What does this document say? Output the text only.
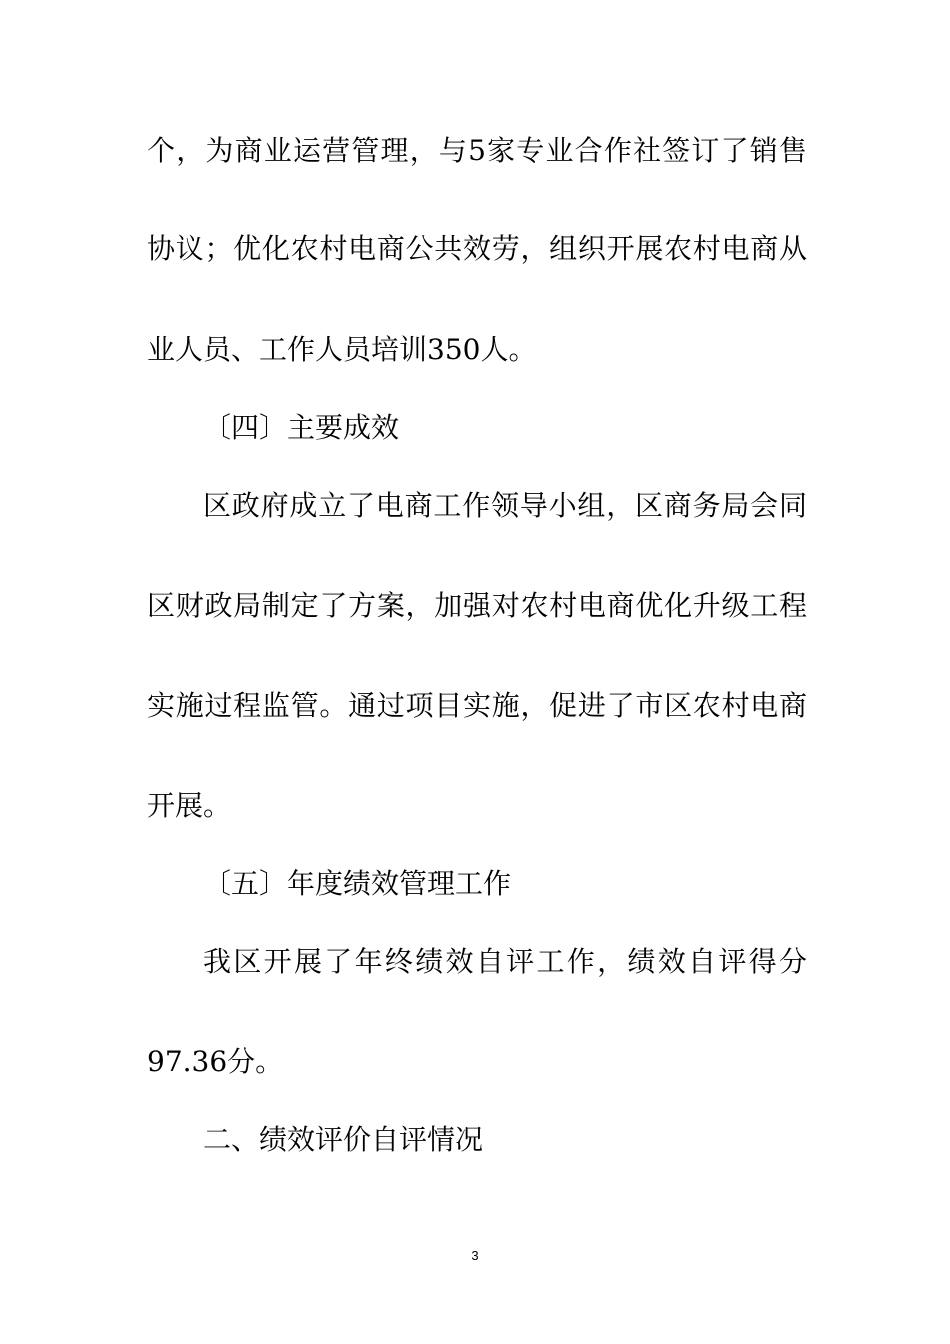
个，为商业运营管理，与5家专业合作社签订了销售
协议；优化农村电商公共效劳，组织开展农村电商从
业人员、工作人员培训350人。
〔四〕主要成效
区政府成立了电商工作领导小组，区商务局会同
区财政局制定了方案，加强对农村电商优化升级工程
实施过程监管。通过项目实施，促进了市区农村电商
开展。
〔五〕年度绩效管理工作
我区开展了年终绩效自评工作，绩效自评得分
97.36分。
二、绩效评价自评情况
3
